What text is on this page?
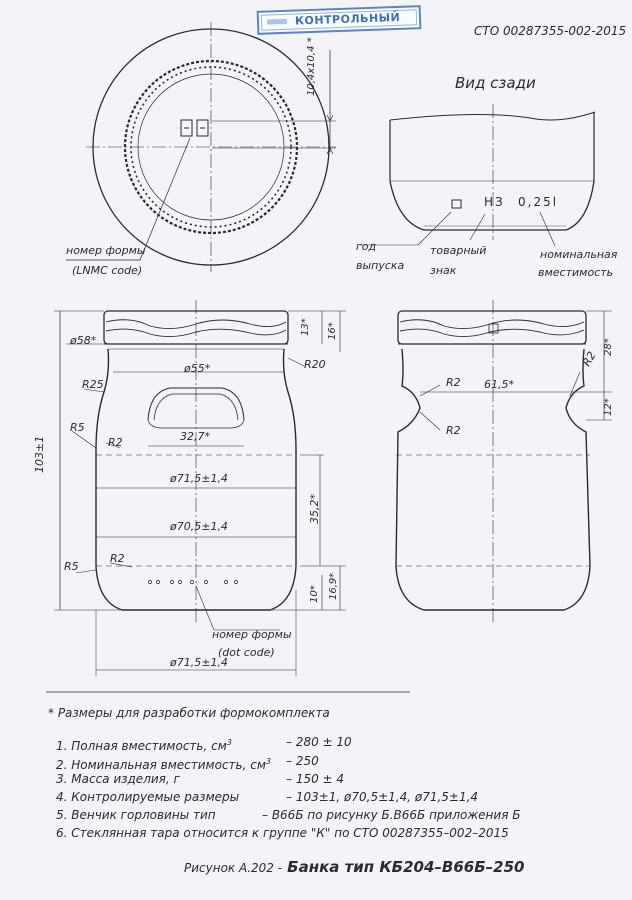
КОНТРОЛЬНЫЙ
СТО 00287355-002-2015
10,4х10,4 *
номер формы
(LNMC code)
Вид сзади
НЗ 0,25l
год
выпуска
товарный
знак
номинальная
вместимость
ø58*
13* 16*
ø55*	R20
R25
R5
R2	32,7*
ø71,5±1,4
35,2*
ø70,5±1,4
R5
R2
10* 16,9*
103±1
номер формы
(dot code)
ø71,5±1,4
R2
R2
R2
61,5*
28*
12*
* Размеры для разработки формокомплекта
1. Полная вместимость, $см^3$	– 280 ± 10
2. Номинальная вместимость, $см^3 - 250$
3. Масса изделия, г	– 150 ± 4
4. Контролируемые размеры	– 103±1, ø70,5±1,4, ø71,5±1,4
5. Венчик горловины тип	– В66Б по рисунку Б.В66Б приложения Б
6. Стеклянная тара относится к группе "К" по СТО 00287355–002–2015
Рисунок А.202 - Банка тип КБ204–В66Б–250
